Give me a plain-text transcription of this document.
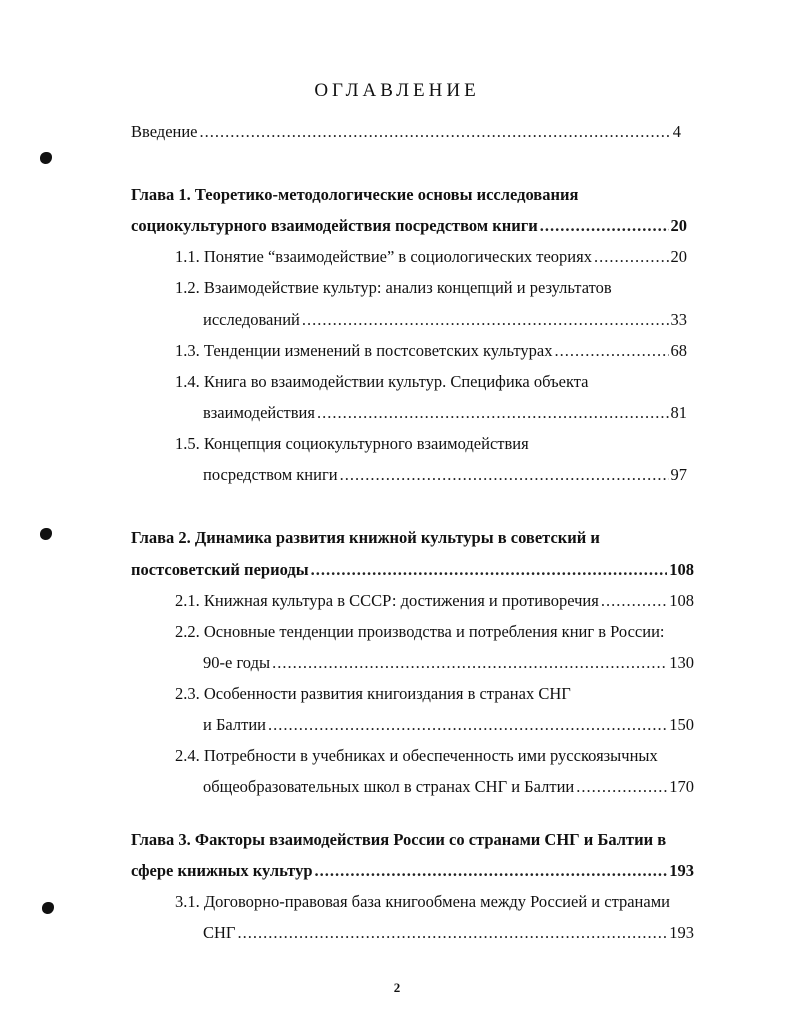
ОГЛАВЛЕНИЕ
Введение .....	4
Глава 1. Теоретико-методологические основы исследования
социокультурного взаимодействия посредством книги .....	20
1.1. Понятие “взаимодействие” в социологических теориях .....	20
1.2. Взаимодействие культур: анализ концепций и результатов
исследований .....	33
1.3. Тенденции изменений в постсоветских культурах .....	68
1.4. Книга во взаимодействии культур. Специфика объекта
взаимодействия .....	81
1.5. Концепция социокультурного взаимодействия
посредством книги .....	97
Глава 2. Динамика развития книжной культуры в советский и
постсоветский периоды .....	108
2.1. Книжная культура в СССР: достижения и противоречия .....	108
2.2. Основные тенденции производства и потребления книг в России:
90-е годы .....	130
2.3. Особенности развития книгоиздания в странах СНГ
и Балтии .....	150
2.4. Потребности в учебниках и обеспеченность ими русскоязычных
общеобразовательных школ в странах СНГ и Балтии .....	170
Глава 3. Факторы взаимодействия России со странами СНГ и Балтии в
сфере книжных культур .....	193
3.1. Договорно-правовая база книгообмена между Россией и странами
СНГ .....	193
2
